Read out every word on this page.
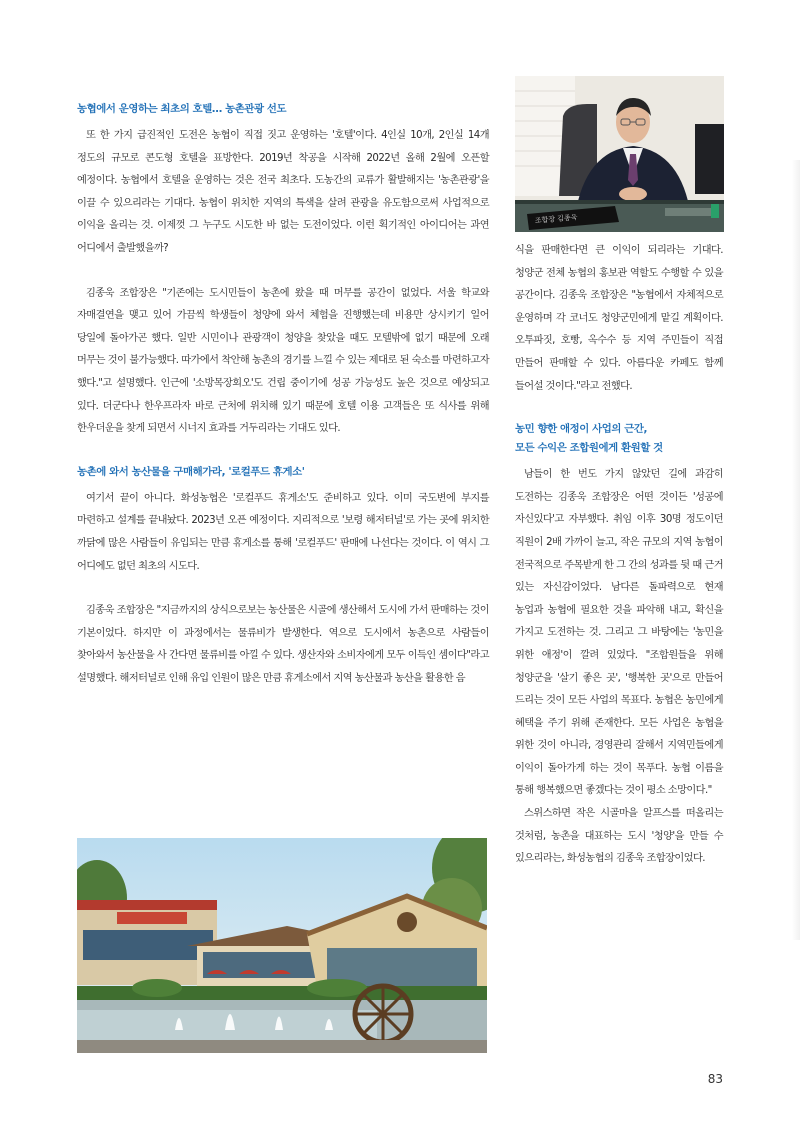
농협에서 운영하는 최초의 호텔… 농촌관광 선도

또 한 가지 급진적인 도전은 농협이 직접 짓고 운영하는 '호텔'이다. 4인실 10개, 2인실 14개 정도의 규모로 콘도형 호텔을 표방한다. 2019년 착공을 시작해 2022년 올해 2월에 오픈할 예정이다. 농협에서 호텔을 운영하는 것은 전국 최초다. 도농간의 교류가 활발해지는 '농촌관광'을 이끌 수 있으리라는 기대다. 농협이 위치한 지역의 특색을 살려 관광을 유도함으로써 사업적으로 이익을 올리는 것. 이제껏 그 누구도 시도한 바 없는 도전이었다. 이런 획기적인 아이디어는 과연 어디에서 출발했을까?

김종욱 조합장은 "기존에는 도시민들이 농촌에 왔을 때 머무를 공간이 없었다. 서울 학교와 자매결연을 맺고 있어 가끔씩 학생들이 청양에 와서 체험을 진행했는데 비용만 상시키기 일어 당일에 돌아가곤 했다. 일반 시민이나 관광객이 청양을 찾았을 때도 모텔밖에 없기 때문에 오래 머무는 것이 불가능했다. 따가에서 착안해 농촌의 경기를 느낄 수 있는 제대로 된 숙소를 마련하고자 했다."고 설명했다. 인근에 '소방목장회오'도 건립 중이기에 성공 가능성도 높은 것으로 예상되고 있다. 더군다나 한우프라자 바로 근처에 위치해 있기 때문에 호텔 이용 고객들은 또 식사를 위해 한우더운을 찾게 되면서 시너지 효과를 거두리라는 기대도 있다.

농촌에 와서 농산물을 구매해가라, '로컬푸드 휴게소'

여기서 끝이 아니다. 화성농협은 '로컬푸드 휴게소'도 준비하고 있다. 이미 국도변에 부지를 마련하고 설계를 끝내놨다. 2023년 오픈 예정이다. 지리적으로 '보령 해저터널'로 가는 곳에 위치한 까닭에 많은 사람들이 유입되는 만큼 휴게소를 통해 '로컬푸드' 판매에 나선다는 것이다. 이 역시 그 어디에도 없던 최초의 시도다.

김종욱 조합장은 "지금까지의 상식으로보는 농산물은 시골에 생산해서 도시에 가서 판매하는 것이 기본이었다. 하지만 이 과정에서는 물류비가 발생한다. 역으로 도시에서 농촌으로 사람들이 찾아와서 농산물을 사 간다면 물류비를 아낄 수 있다. 생산자와 소비자에게 모두 이득인 셈이다"라고 설명했다. 해저터널로 인해 유입 인원이 많은 만큼 휴게소에서 지역 농산물과 농산을 활용한 음

조합장 김종욱

식을 판매한다면 큰 이익이 되리라는 기대다. 청양군 전체 농협의 홍보관 역할도 수행할 수 있을 공간이다. 김종욱 조합장은 "농협에서 자체적으로 운영하며 각 코너도 청양군민에게 맡길 계획이다. 오투파짓, 호빵, 옥수수 등 지역 주민들이 직접 만들어 판매할 수 있다. 아름다운 카페도 함께 들어설 것이다."라고 전했다.

농민 향한 애정이 사업의 근간,
모든 수익은 조합원에게 환원할 것

남들이 한 번도 가지 않았던 길에 과감히 도전하는 김종욱 조합장은 어떤 것이든 '성공에 자신있다'고 자부했다. 취임 이후 30명 정도이던 직원이 2배 가까이 늘고, 작은 규모의 지역 농협이 전국적으로 주목받게 한 그 간의 성과를 뒷 때 근거 있는 자신감이었다. 남다른 돌파력으로 현재 농업과 농협에 필요한 것을 파악해 내고, 확신을 가지고 도전하는 것. 그리고 그 바탕에는 '농민을 위한 애정'이 깔려 있었다. "조합원들을 위해 청양군을 '살기 좋은 곳', '행복한 곳'으로 만들어 드리는 것이 모든 사업의 목표다. 농협은 농민에게 혜택을 주기 위해 존재한다. 모든 사업은 농협을 위한 것이 아니라, 경영관리 잘해서 지역민들에게 이익이 돌아가게 하는 것이 목푸다. 농협 이름을 통해 행복했으면 좋겠다는 것이 평소 소망이다."

스위스하면 작은 시골마을 알프스를 떠올리는 것처럼, 농촌을 대표하는 도시 '청양'을 만들 수 있으리라는, 화성농협의 김종욱 조합장이었다.

83
